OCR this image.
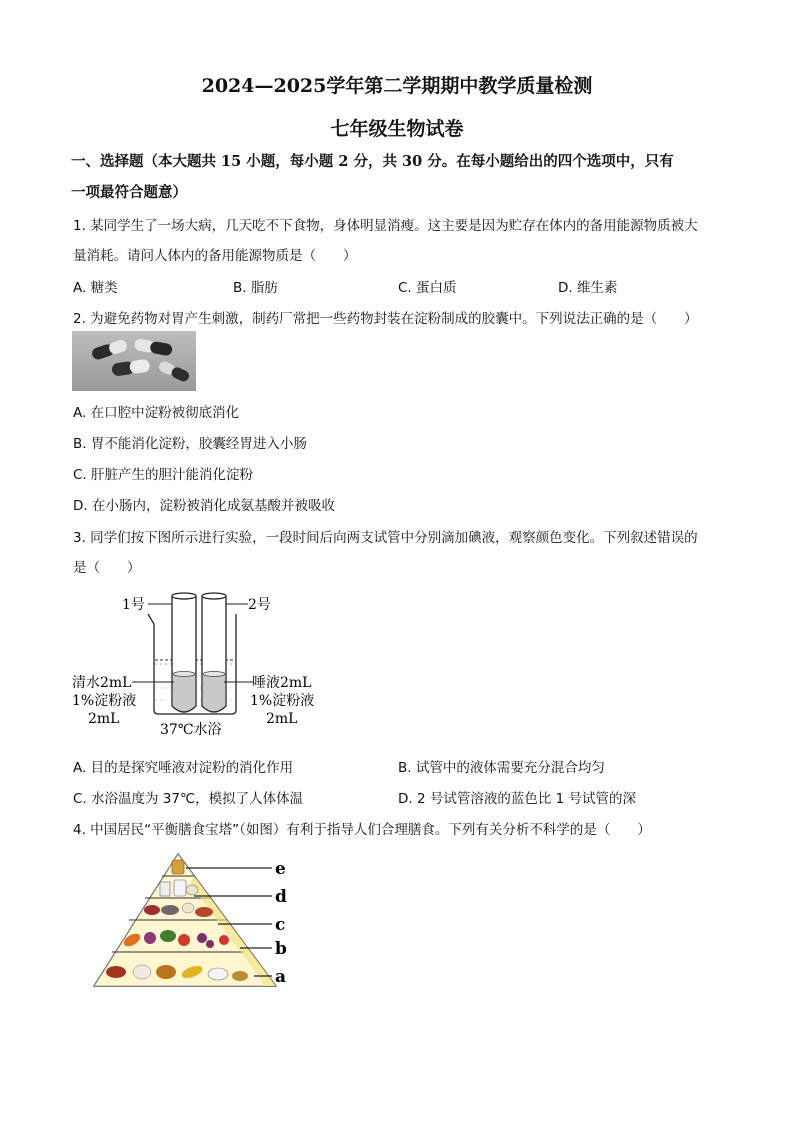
2024—2025学年第二学期期中教学质量检测
七年级生物试卷
一、选择题（本大题共 15 小题，每小题 2 分，共 30 分。在每小题给出的四个选项中，只有
一项最符合题意）
1. 某同学生了一场大病，几天吃不下食物，身体明显消瘦。这主要是因为贮存在体内的备用能源物质被大
量消耗。请问人体内的备用能源物质是（　　）
A. 糖类	B. 脂肪	C. 蛋白质	D. 维生素
2. 为避免药物对胃产生刺激，制药厂常把一些药物封装在淀粉制成的胶囊中。下列说法正确的是（　　）
A. 在口腔中淀粉被彻底消化
B. 胃不能消化淀粉，胶囊经胃进入小肠
C. 肝脏产生的胆汁能消化淀粉
D. 在小肠内，淀粉被消化成氨基酸并被吸收
3. 同学们按下图所示进行实验，一段时间后向两支试管中分别滴加碘液，观察颜色变化。下列叙述错误的
是（　　）
1号	2号
清水2mL
1%淀粉液
2mL
唾液2mL
1%淀粉液
2mL
37℃水浴
A. 目的是探究唾液对淀粉的消化作用	B. 试管中的液体需要充分混合均匀
C. 水浴温度为 37℃，模拟了人体体温	D. 2 号试管溶液的蓝色比 1 号试管的深
4. 中国居民“平衡膳食宝塔”（如图）有利于指导人们合理膳食。下列有关分析不科学的是（　　）
e
d
c
b
a
